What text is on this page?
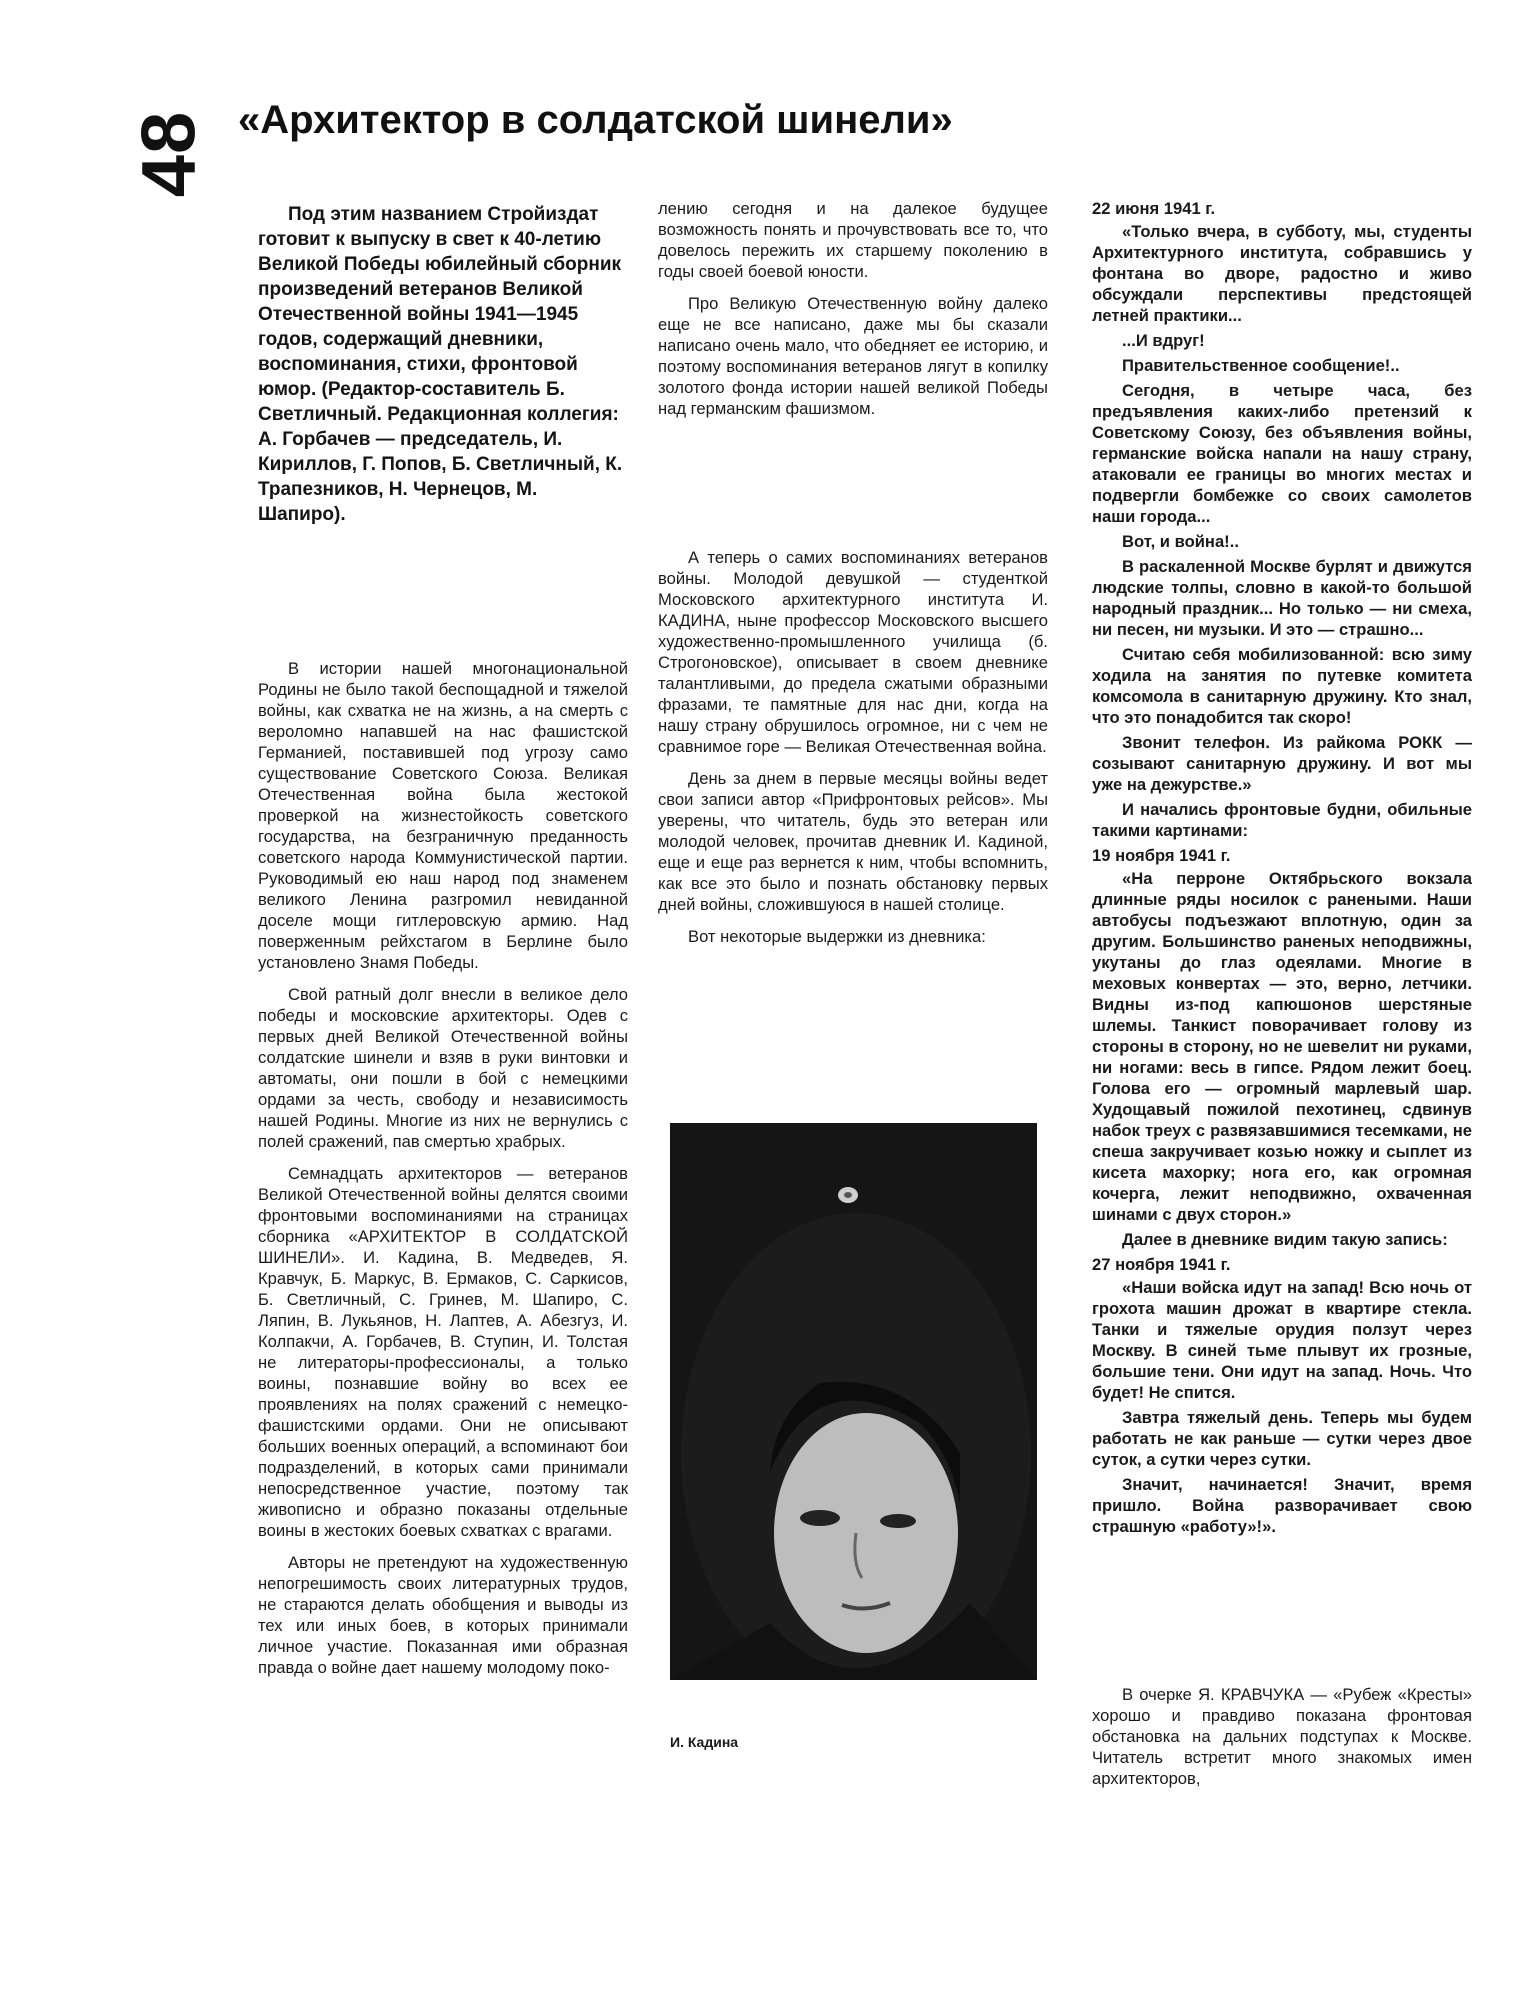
48 «Архитектор в солдатской шинели»

Под этим названием Стройиздат готовит к выпуску в свет к 40-летию Великой Победы юбилейный сборник произведений ветеранов Великой Отечественной войны 1941—1945 годов, содержащий дневники, воспоминания, стихи, фронтовой юмор. (Редактор-составитель Б. Светличный. Редакционная коллегия: А. Горбачев — председатель, И. Кириллов, Г. Попов, Б. Светличный, К. Трапезников, Н. Чернецов, М. Шапиро).

В истории нашей многонациональной Родины не было такой беспощадной и тяжелой войны, как схватка не на жизнь, а на смерть с вероломно напавшей на нас фашистской Германией, поставившей под угрозу само существование Советского Союза. Великая Отечественная война была жестокой проверкой на жизнестойкость советского государства, на безграничную преданность советского народа Коммунистической партии. Руководимый ею наш народ под знаменем великого Ленина разгромил невиданной доселе мощи гитлеровскую армию. Над поверженным рейхстагом в Берлине было установлено Знамя Победы.

Свой ратный долг внесли в великое дело победы и московские архитекторы. Одев с первых дней Великой Отечественной войны солдатские шинели и взяв в руки винтовки и автоматы, они пошли в бой с немецкими ордами за честь, свободу и независимость нашей Родины. Многие из них не вернулись с полей сражений, пав смертью храбрых.

Семнадцать архитекторов — ветеранов Великой Отечественной войны делятся своими фронтовыми воспоминаниями на страницах сборника «АРХИТЕКТОР В СОЛДАТСКОЙ ШИНЕЛИ». И. Кадина, В. Медведев, Я. Кравчук, Б. Маркус, В. Ермаков, С. Саркисов, Б. Светличный, С. Гринев, М. Шапиро, С. Ляпин, В. Лукьянов, Н. Лаптев, А. Абезгуз, И. Колпакчи, А. Горбачев, В. Ступин, И. Толстая не литераторы-профессионалы, а только воины, познавшие войну во всех ее проявлениях на полях сражений с немецко-фашистскими ордами. Они не описывают больших военных операций, а вспоминают бои подразделений, в которых сами принимали непосредственное участие, поэтому так живописно и образно показаны отдельные воины в жестоких боевых схватках с врагами.

Авторы не претендуют на художественную непогрешимость своих литературных трудов, не стараются делать обобщения и выводы из тех или иных боев, в которых принимали личное участие. Показанная ими образная правда о войне дает нашему молодому поко-

лению сегодня и на далекое будущее возможность понять и прочувствовать все то, что довелось пережить их старшему поколению в годы своей боевой юности.

Про Великую Отечественную войну далеко еще не все написано, даже мы бы сказали написано очень мало, что обедняет ее историю, и поэтому воспоминания ветеранов лягут в копилку золотого фонда истории нашей великой Победы над германским фашизмом.

А теперь о самих воспоминаниях ветеранов войны. Молодой девушкой — студенткой Московского архитектурного института И. КАДИНА, ныне профессор Московского высшего художественно-промышленного училища (б. Строгоновское), описывает в своем дневнике талантливыми, до предела сжатыми образными фразами, те памятные для нас дни, когда на нашу страну обрушилось огромное, ни с чем не сравнимое горе — Великая Отечественная война.

День за днем в первые месяцы войны ведет свои записи автор «Прифронтовых рейсов». Мы уверены, что читатель, будь это ветеран или молодой человек, прочитав дневник И. Кадиной, еще и еще раз вернется к ним, чтобы вспомнить, как все это было и познать обстановку первых дней войны, сложившуюся в нашей столице.

Вот некоторые выдержки из дневника:

И. Кадина

22 июня 1941 г.

«Только вчера, в субботу, мы, студенты Архитектурного института, собравшись у фонтана во дворе, радостно и живо обсуждали перспективы предстоящей летней практики...

...И вдруг!

Правительственное сообщение!..

Сегодня, в четыре часа, без предъявления каких-либо претензий к Советскому Союзу, без объявления войны, германские войска напали на нашу страну, атаковали ее границы во многих местах и подвергли бомбежке со своих самолетов наши города...

Вот, и война!..

В раскаленной Москве бурлят и движутся людские толпы, словно в какой-то большой народный праздник... Но только — ни смеха, ни песен, ни музыки. И это — страшно...

Считаю себя мобилизованной: всю зиму ходила на занятия по путевке комитета комсомола в санитарную дружину. Кто знал, что это понадобится так скоро!

Звонит телефон. Из райкома РОКК — созывают санитарную дружину. И вот мы уже на дежурстве.»

И начались фронтовые будни, обильные такими картинами:

19 ноября 1941 г.

«На перроне Октябрьского вокзала длинные ряды носилок с ранеными. Наши автобусы подъезжают вплотную, один за другим. Большинство раненых неподвижны, укутаны до глаз одеялами. Многие в меховых конвертах — это, верно, летчики. Видны из-под капюшонов шерстяные шлемы. Танкист поворачивает голову из стороны в сторону, но не шевелит ни руками, ни ногами: весь в гипсе. Рядом лежит боец. Голова его — огромный марлевый шар. Худощавый пожилой пехотинец, сдвинув набок треух с развязавшимися тесемками, не спеша закручивает козью ножку и сыплет из кисета махорку; нога его, как огромная кочерга, лежит неподвижно, охваченная шинами с двух сторон.»

Далее в дневнике видим такую запись:

27 ноября 1941 г.

«Наши войска идут на запад! Всю ночь от грохота машин дрожат в квартире стекла. Танки и тяжелые орудия ползут через Москву. В синей тьме плывут их грозные, большие тени. Они идут на запад. Ночь. Что будет! Не спится.

Завтра тяжелый день. Теперь мы будем работать не как раньше — сутки через двое суток, а сутки через сутки.

Значит, начинается! Значит, время пришло. Война разворачивает свою страшную «работу»!».

В очерке Я. КРАВЧУКА — «Рубеж «Кресты» хорошо и правдиво показана фронтовая обстановка на дальних подступах к Москве. Читатель встретит много знакомых имен архитекторов,
